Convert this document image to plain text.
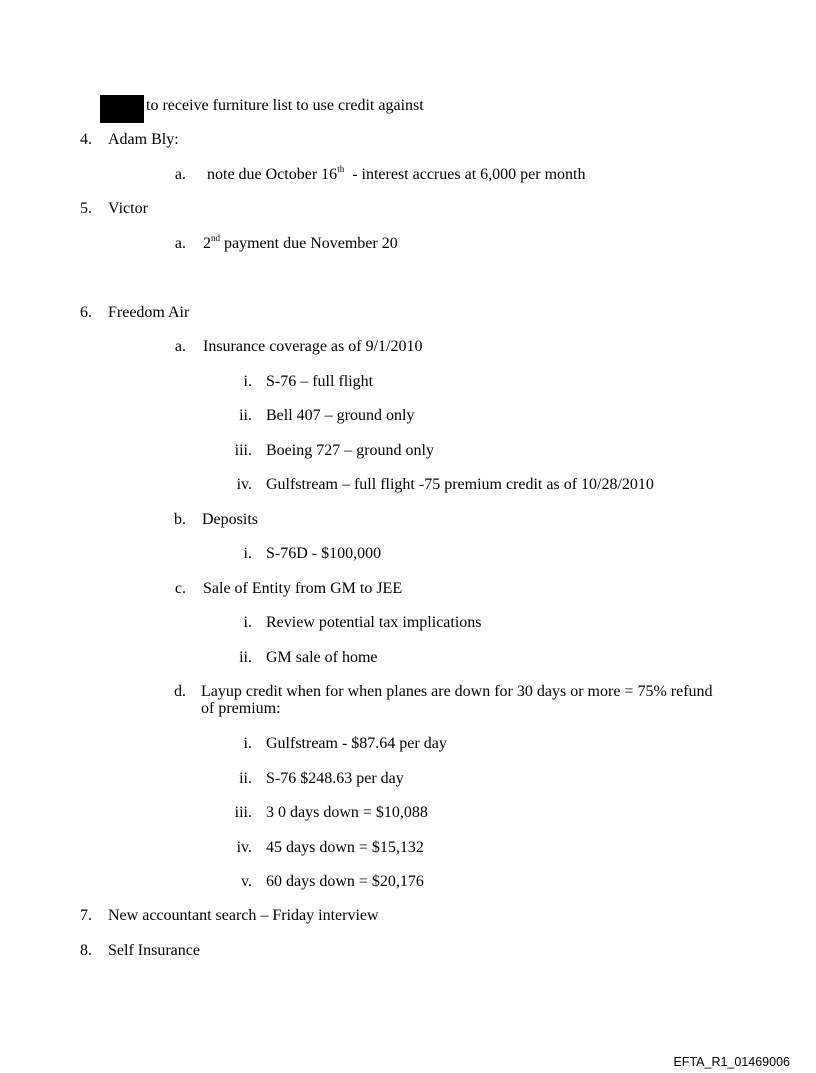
to receive furniture list to use credit against
4. Adam Bly:
a. note due October 16th  - interest accrues at 6,000 per month
5. Victor
a. 2nd payment due November 20
6. Freedom Air
a. Insurance coverage as of 9/1/2010
i. S-76 – full flight
ii. Bell 407 – ground only
iii. Boeing 727 – ground only
iv. Gulfstream – full flight -75 premium credit as of 10/28/2010
b. Deposits
i. S-76D - $100,000
c. Sale of Entity from GM to JEE
i. Review potential tax implications
ii. GM sale of home
d. Layup credit when for when planes are down for 30 days or more = 75% refund of premium:
i. Gulfstream - $87.64 per day
ii. S-76 $248.63 per day
iii. 3 0 days down = $10,088
iv. 45 days down = $15,132
v. 60 days down = $20,176
7. New accountant search – Friday interview
8. Self Insurance
EFTA_R1_01469006
